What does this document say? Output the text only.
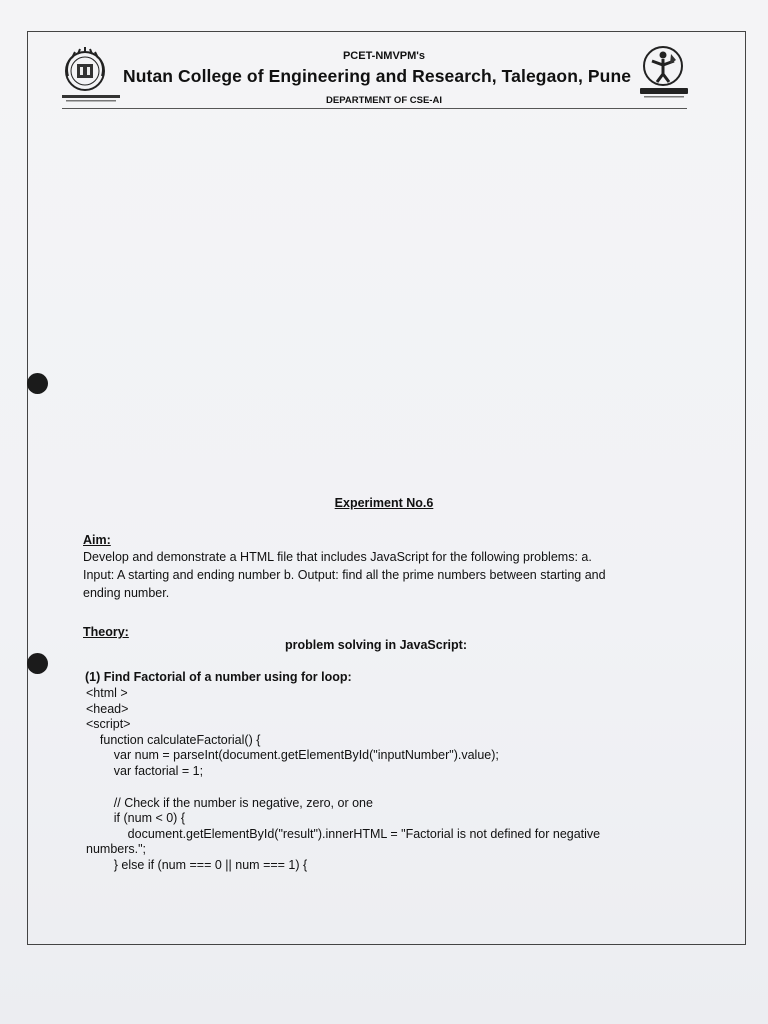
PCET-NMVPM's
Nutan College of Engineering and Research, Talegaon, Pune
DEPARTMENT OF CSE-AI
Experiment No.6
Aim:
Develop and demonstrate a HTML file that includes JavaScript for the following problems: a.
Input: A starting and ending number b. Output: find all the prime numbers between starting and
ending number.
Theory:
problem solving in JavaScript:
(1) Find Factorial of a number using for loop:
<html >
<head>
<script>
function calculateFactorial() {
var num = parseInt(document.getElementById("inputNumber").value);
var factorial = 1;
// Check if the number is negative, zero, or one
if (num < 0) {
document.getElementById("result").innerHTML = "Factorial is not defined for negative
numbers.";
} else if (num === 0 || num === 1) {
